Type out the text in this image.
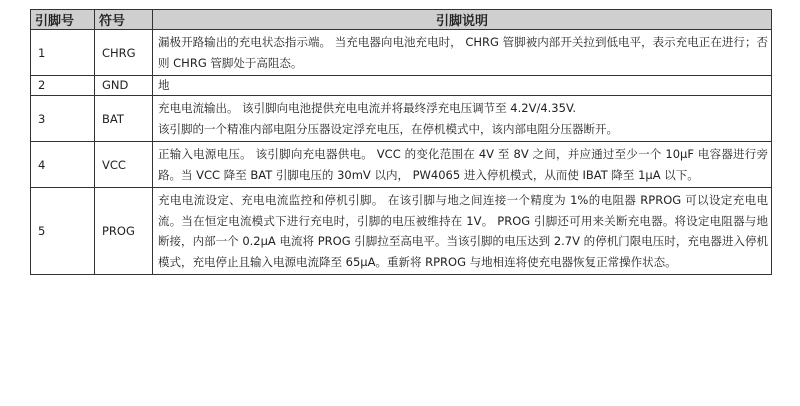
引脚号	符号	引脚说明
1	CHRG	漏极开路输出的充电状态指示端。 当充电器向电池充电时， CHRG 管脚被内部开关拉到低电平，表示充电正在进行；否则 CHRG 管脚处于高阻态。

2	GND	地

3	BAT	充电电流输出。 该引脚向电池提供充电电流并将最终浮充电压调节至 4.2V/4.35V.

该引脚的一个精准内部电阻分压器设定浮充电压，在停机模式中，该内部电阻分压器断开。

4	VCC	正输入电源电压。 该引脚向充电器供电。 VCC 的变化范围在 4V 至 8V 之间，并应通过至少一个 10μF 电容器进行旁路。当 VCC 降至 BAT 引脚电压的 30mV 以内， PW4065 进入停机模式，从而使 IBAT 降至 1μA 以下。

5	PROG	充电电流设定、充电电流监控和停机引脚。 在该引脚与地之间连接一个精度为 1%的电阻器 RPROG 可以设定充电电流。当在恒定电流模式下进行充电时，引脚的电压被维持在 1V。 PROG 引脚还可用来关断充电器。将设定电阻器与地断接，内部一个 0.2μA 电流将 PROG 引脚拉至高电平。当该引脚的电压达到 2.7V 的停机门限电压时，充电器进入停机模式，充电停止且输入电源电流降至 65μA。重新将 RPROG 与地相连将使充电器恢复正常操作状态。
